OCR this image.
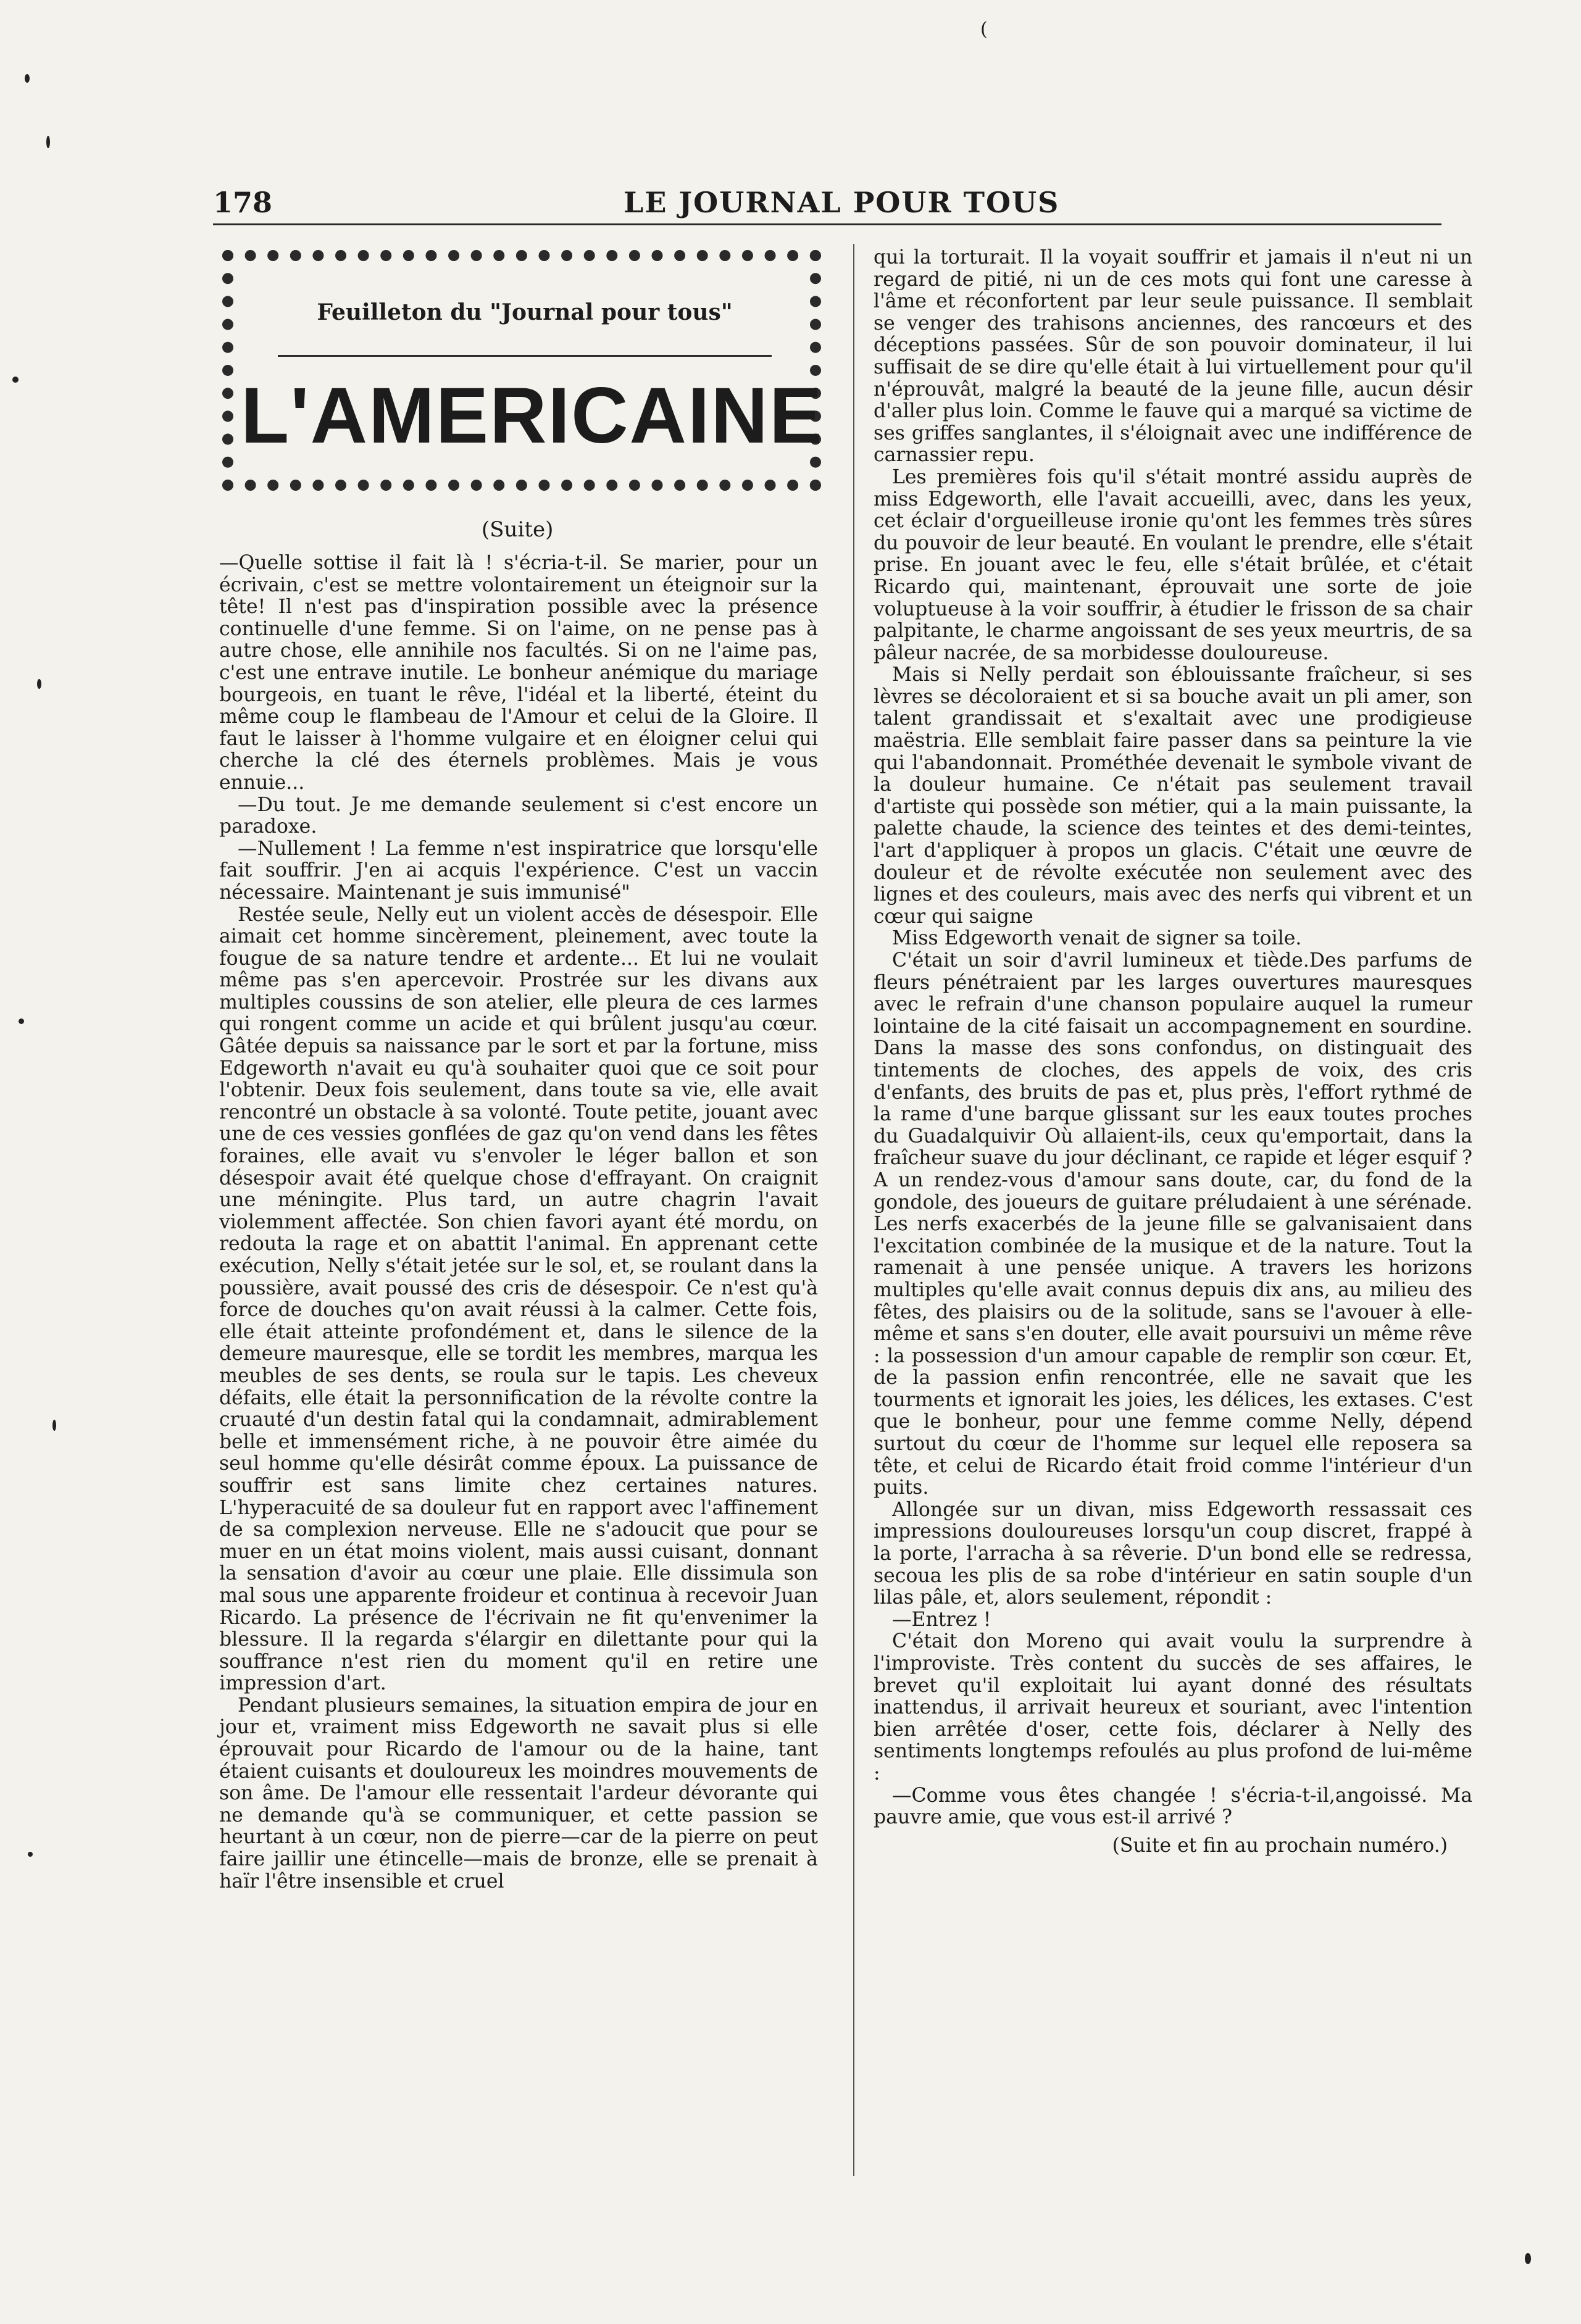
(
178	LE JOURNAL POUR TOUS
Feuilleton du "Journal pour tous"
L'AMERICAINE
(Suite)

—Quelle sottise il fait là ! s'écria-t-il. Se marier, pour un écrivain, c'est se mettre volontairement un éteignoir sur la tête! Il n'est pas d'inspiration possible avec la présence continuelle d'une femme. Si on l'aime, on ne pense pas à autre chose, elle annihile nos facultés. Si on ne l'aime pas, c'est une entrave inutile. Le bonheur anémique du mariage bourgeois, en tuant le rêve, l'idéal et la liberté, éteint du même coup le flambeau de l'Amour et celui de la Gloire. Il faut le laisser à l'homme vulgaire et en éloigner celui qui cherche la clé des éternels problèmes. Mais je vous ennuie...

—Du tout. Je me demande seulement si c'est encore un paradoxe.

—Nullement ! La femme n'est inspiratrice que lorsqu'elle fait souffrir. J'en ai acquis l'expérience. C'est un vaccin nécessaire. Maintenant je suis immunisé"

Restée seule, Nelly eut un violent accès de désespoir. Elle aimait cet homme sincèrement, pleinement, avec toute la fougue de sa nature tendre et ardente... Et lui ne voulait même pas s'en apercevoir. Prostrée sur les divans aux multiples coussins de son atelier, elle pleura de ces larmes qui rongent comme un acide et qui brûlent jusqu'au cœur. Gâtée depuis sa naissance par le sort et par la fortune, miss Edgeworth n'avait eu qu'à souhaiter quoi que ce soit pour l'obtenir. Deux fois seulement, dans toute sa vie, elle avait rencontré un obstacle à sa volonté. Toute petite, jouant avec une de ces vessies gonflées de gaz qu'on vend dans les fêtes foraines, elle avait vu s'envoler le léger ballon et son désespoir avait été quelque chose d'effrayant. On craignit une méningite. Plus tard, un autre chagrin l'avait violemment affectée. Son chien favori ayant été mordu, on redouta la rage et on abattit l'animal. En apprenant cette exécution, Nelly s'était jetée sur le sol, et, se roulant dans la poussière, avait poussé des cris de désespoir. Ce n'est qu'à force de douches qu'on avait réussi à la calmer. Cette fois, elle était atteinte profondément et, dans le silence de la demeure mauresque, elle se tordit les membres, marqua les meubles de ses dents, se roula sur le tapis. Les cheveux défaits, elle était la personnification de la révolte contre la cruauté d'un destin fatal qui la condamnait, admirablement belle et immensément riche, à ne pouvoir être aimée du seul homme qu'elle désirât comme époux. La puissance de souffrir est sans limite chez certaines natures. L'hyperacuité de sa douleur fut en rapport avec l'affinement de sa complexion nerveuse. Elle ne s'adoucit que pour se muer en un état moins violent, mais aussi cuisant, donnant la sensation d'avoir au cœur une plaie. Elle dissimula son mal sous une apparente froideur et continua à recevoir Juan Ricardo. La présence de l'écrivain ne fit qu'envenimer la blessure. Il la regarda s'élargir en dilettante pour qui la souffrance n'est rien du moment qu'il en retire une impression d'art.

Pendant plusieurs semaines, la situation empira de jour en jour et, vraiment miss Edgeworth ne savait plus si elle éprouvait pour Ricardo de l'amour ou de la haine, tant étaient cuisants et douloureux les moindres mouvements de son âme. De l'amour elle ressentait l'ardeur dévorante qui ne demande qu'à se communiquer, et cette passion se heurtant à un cœur, non de pierre—car de la pierre on peut faire jaillir une étincelle—mais de bronze, elle se prenait à haïr l'être insensible et cruel

qui la torturait. Il la voyait souffrir et jamais il n'eut ni un regard de pitié, ni un de ces mots qui font une caresse à l'âme et réconfortent par leur seule puissance. Il semblait se venger des trahisons anciennes, des rancœurs et des déceptions passées. Sûr de son pouvoir dominateur, il lui suffisait de se dire qu'elle était à lui virtuellement pour qu'il n'éprouvât, malgré la beauté de la jeune fille, aucun désir d'aller plus loin. Comme le fauve qui a marqué sa victime de ses griffes sanglantes, il s'éloignait avec une indifférence de carnassier repu.

Les premières fois qu'il s'était montré assidu auprès de miss Edgeworth, elle l'avait accueilli, avec, dans les yeux, cet éclair d'orgueilleuse ironie qu'ont les femmes très sûres du pouvoir de leur beauté. En voulant le prendre, elle s'était prise. En jouant avec le feu, elle s'était brûlée, et c'était Ricardo qui, maintenant, éprouvait une sorte de joie voluptueuse à la voir souffrir, à étudier le frisson de sa chair palpitante, le charme angoissant de ses yeux meurtris, de sa pâleur nacrée, de sa morbidesse douloureuse.

Mais si Nelly perdait son éblouissante fraîcheur, si ses lèvres se décoloraient et si sa bouche avait un pli amer, son talent grandissait et s'exaltait avec une prodigieuse maëstria. Elle semblait faire passer dans sa peinture la vie qui l'abandonnait. Prométhée devenait le symbole vivant de la douleur humaine. Ce n'était pas seulement travail d'artiste qui possède son métier, qui a la main puissante, la palette chaude, la science des teintes et des demi-teintes, l'art d'appliquer à propos un glacis. C'était une œuvre de douleur et de révolte exécutée non seulement avec des lignes et des couleurs, mais avec des nerfs qui vibrent et un cœur qui saigne

Miss Edgeworth venait de signer sa toile.

C'était un soir d'avril lumineux et tiède.Des parfums de fleurs pénétraient par les larges ouvertures mauresques avec le refrain d'une chanson populaire auquel la rumeur lointaine de la cité faisait un accompagnement en sourdine. Dans la masse des sons confondus, on distinguait des tintements de cloches, des appels de voix, des cris d'enfants, des bruits de pas et, plus près, l'effort rythmé de la rame d'une barque glissant sur les eaux toutes proches du Guadalquivir Où allaient-ils, ceux qu'emportait, dans la fraîcheur suave du jour déclinant, ce rapide et léger esquif ? A un rendez-vous d'amour sans doute, car, du fond de la gondole, des joueurs de guitare préludaient à une sérénade. Les nerfs exacerbés de la jeune fille se galvanisaient dans l'excitation combinée de la musique et de la nature. Tout la ramenait à une pensée unique. A travers les horizons multiples qu'elle avait connus depuis dix ans, au milieu des fêtes, des plaisirs ou de la solitude, sans se l'avouer à elle-même et sans s'en douter, elle avait poursuivi un même rêve : la possession d'un amour capable de remplir son cœur. Et, de la passion enfin rencontrée, elle ne savait que les tourments et ignorait les joies, les délices, les extases. C'est que le bonheur, pour une femme comme Nelly, dépend surtout du cœur de l'homme sur lequel elle reposera sa tête, et celui de Ricardo était froid comme l'intérieur d'un puits.

Allongée sur un divan, miss Edgeworth ressassait ces impressions douloureuses lorsqu'un coup discret, frappé à la porte, l'arracha à sa rêverie. D'un bond elle se redressa, secoua les plis de sa robe d'intérieur en satin souple d'un lilas pâle, et, alors seulement, répondit :

—Entrez !

C'était don Moreno qui avait voulu la surprendre à l'improviste. Très content du succès de ses affaires, le brevet qu'il exploitait lui ayant donné des résultats inattendus, il arrivait heureux et souriant, avec l'intention bien arrêtée d'oser, cette fois, déclarer à Nelly des sentiments longtemps refoulés au plus profond de lui-même :

—Comme vous êtes changée ! s'écria-t-il,angoissé. Ma pauvre amie, que vous est-il arrivé ?

(Suite et fin au prochain numéro.)
